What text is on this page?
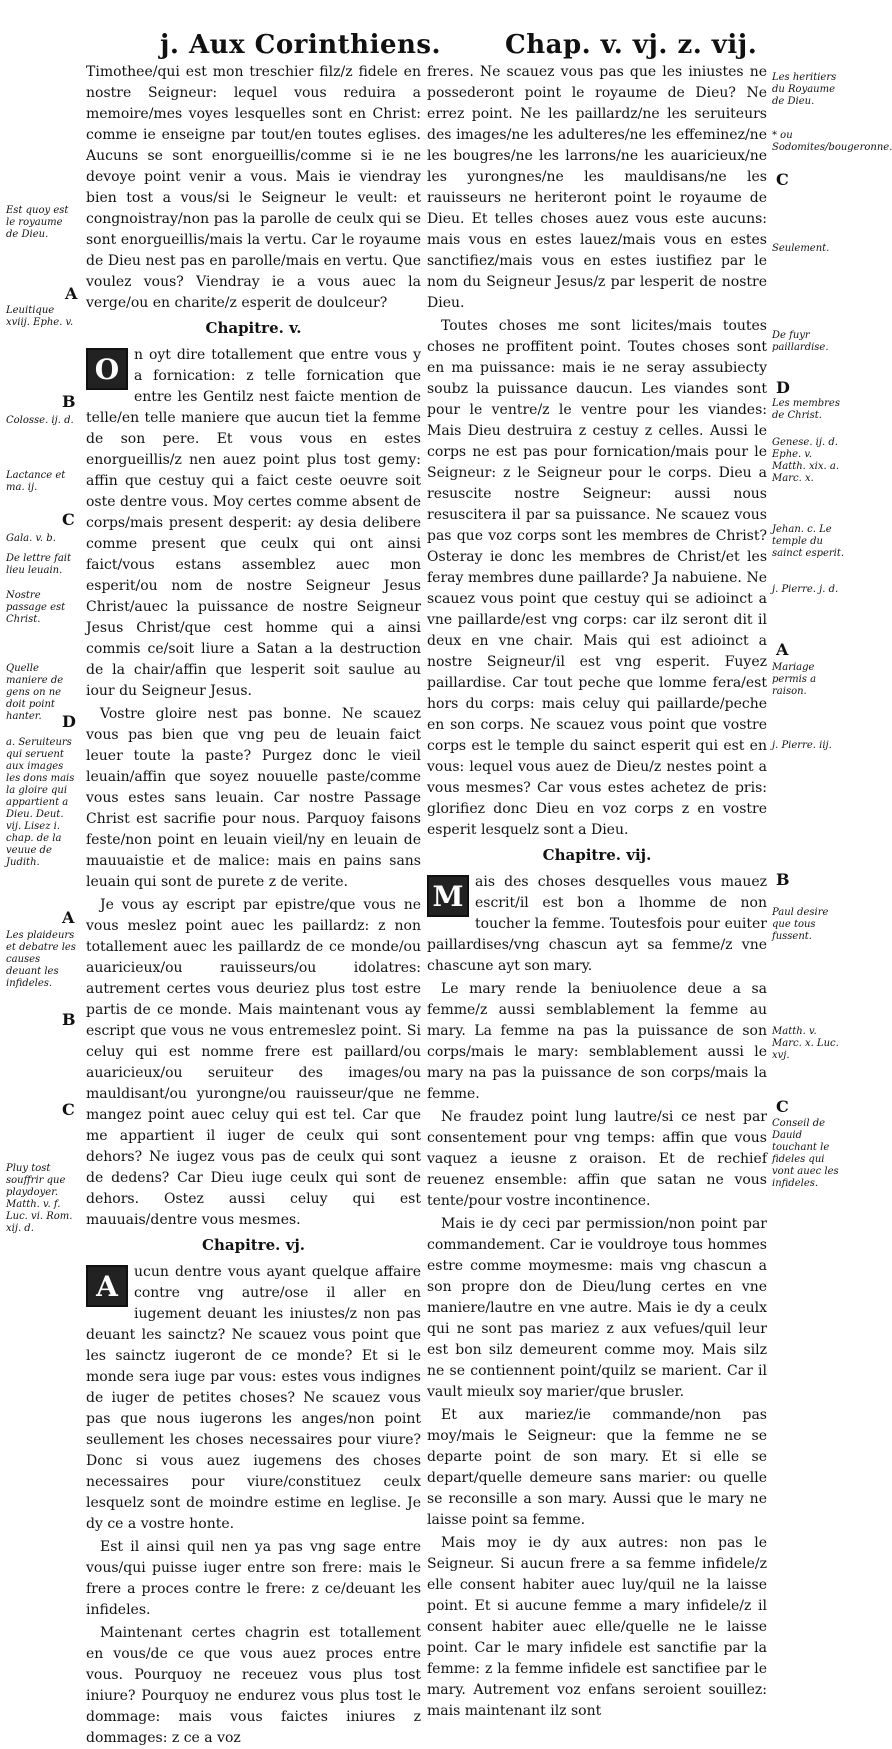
j. Aux Corinthiens. Chap. v. vj. z. vij.

Timothee/qui est mon treschier filz/z fidele en nostre Seigneur: lequel vous reduira a memoire/mes voyes lesquelles sont en Christ: comme ie enseigne par tout/en toutes eglises. Aucuns se sont enorgueillis/comme si ie ne devoye point venir a vous. Mais ie viendray bien tost a vous/si le Seigneur le veult: et congnoistray/non pas la parolle de ceulx qui se sont enorgueillis/mais la vertu. Car le royaume de Dieu nest pas en parolle/mais en vertu. Que voulez vous? Viendray ie a vous auec la verge/ou en charite/z esperit de doulceur?

Chapitre. v.

O	n oyt dire totallement que entre vous y a fornication: z telle fornication que entre les Gentilz nest faicte mention de telle/en telle maniere que aucun tiet la femme de son pere. Et vous vous en estes enorgueillis/z nen auez point plus tost gemy: affin que cestuy qui a faict ceste oeuvre soit oste dentre vous. Moy certes comme absent de corps/mais present desperit: ay desia delibere comme present que ceulx qui ont ainsi faict/vous estans assemblez auec mon esperit/ou nom de nostre Seigneur Jesus Christ/auec la puissance de nostre Seigneur Jesus Christ/que cest homme qui a ainsi commis ce/soit liure a Satan a la destruction de la chair/affin que lesperit soit saulue au iour du Seigneur Jesus.

Vostre gloire nest pas bonne. Ne scauez vous pas bien que vng peu de leuain faict leuer toute la paste? Purgez donc le vieil leuain/affin que soyez nouuelle paste/comme vous estes sans leuain. Car nostre Passage Christ est sacrifie pour nous. Parquoy faisons feste/non point en leuain vieil/ny en leuain de mauuaistie et de malice: mais en pains sans leuain qui sont de purete z de verite.

Je vous ay escript par epistre/que vous ne vous meslez point auec les paillardz: z non totallement auec les paillardz de ce monde/ou auaricieux/ou rauisseurs/ou idolatres: autrement certes vous deuriez plus tost estre partis de ce monde. Mais maintenant vous ay escript que vous ne vous entremeslez point. Si celuy qui est nomme frere est paillard/ou auaricieux/ou seruiteur des images/ou mauldisant/ou yurongne/ou rauisseur/que ne mangez point auec celuy qui est tel. Car que me appartient il iuger de ceulx qui sont dehors? Ne iugez vous pas de ceulx qui sont de dedens? Car Dieu iuge ceulx qui sont de dehors. Ostez aussi celuy qui est mauuais/dentre vous mesmes.

Chapitre. vj.

A	ucun dentre vous ayant quelque affaire contre vng autre/ose il aller en iugement deuant les iniustes/z non pas deuant les sainctz? Ne scauez vous point que les sainctz iugeront de ce monde? Et si le monde sera iuge par vous: estes vous indignes de iuger de petites choses? Ne scauez vous pas que nous iugerons les anges/non point seullement les choses necessaires pour viure? Donc si vous auez iugemens des choses necessaires pour viure/constituez ceulx lesquelz sont de moindre estime en leglise. Je dy ce a vostre honte.

Est il ainsi quil nen ya pas vng sage entre vous/qui puisse iuger entre son frere: mais le frere a proces contre le frere: z ce/deuant les infideles.

Maintenant certes chagrin est totallement en vous/de ce que vous auez proces entre vous. Pourquoy ne receuez vous plus tost iniure? Pourquoy ne endurez vous plus tost le dommage: mais vous faictes iniures z dommages: z ce a voz

freres. Ne scauez vous pas que les iniustes ne possederont point le royaume de Dieu? Ne errez point. Ne les paillardz/ne les seruiteurs des images/ne les adulteres/ne les effeminez/ne les bougres/ne les larrons/ne les auaricieux/ne les yurongnes/ne les mauldisans/ne les rauisseurs ne heriteront point le royaume de Dieu. Et telles choses auez vous este aucuns: mais vous en estes lauez/mais vous en estes sanctifiez/mais vous en estes iustifiez par le nom du Seigneur Jesus/z par lesperit de nostre Dieu.

Toutes choses me sont licites/mais toutes choses ne proffitent point. Toutes choses sont en ma puissance: mais ie ne seray assubiecty soubz la puissance daucun. Les viandes sont pour le ventre/z le ventre pour les viandes: Mais Dieu destruira z cestuy z celles. Aussi le corps ne est pas pour fornication/mais pour le Seigneur: z le Seigneur pour le corps. Dieu a resuscite nostre Seigneur: aussi nous resuscitera il par sa puissance. Ne scauez vous pas que voz corps sont les membres de Christ? Osteray ie donc les membres de Christ/et les feray membres dune paillarde? Ja nabuiene. Ne scauez vous point que cestuy qui se adioinct a vne paillarde/est vng corps: car ilz seront dit il deux en vne chair. Mais qui est adioinct a nostre Seigneur/il est vng esperit. Fuyez paillardise. Car tout peche que lomme fera/est hors du corps: mais celuy qui paillarde/peche en son corps. Ne scauez vous point que vostre corps est le temple du sainct esperit qui est en vous: lequel vous auez de Dieu/z nestes point a vous mesmes? Car vous estes achetez de pris: glorifiez donc Dieu en voz corps z en vostre esperit lesquelz sont a Dieu.

Chapitre. vij.

M ais des choses desquelles vous mauez escrit/il est bon a lhomme de non toucher la femme. Toutesfois pour euiter paillardises/vng chascun ayt sa femme/z vne chascune ayt son mary.

Le mary rende la beniuolence deue a sa femme/z aussi semblablement la femme au mary. La femme na pas la puissance de son corps/mais le mary: semblablement aussi le mary na pas la puissance de son corps/mais la femme.

Ne fraudez point lung lautre/si ce nest par consentement pour vng temps: affin que vous vaquez a ieusne z oraison. Et de rechief reuenez ensemble: affin que satan ne vous tente/pour vostre incontinence.

Mais ie dy ceci par permission/non point par commandement. Car ie vouldroye tous hommes estre comme moymesme: mais vng chascun a son propre don de Dieu/lung certes en vne maniere/lautre en vne autre. Mais ie dy a ceulx qui ne sont pas mariez z aux vefues/quil leur est bon silz demeurent comme moy. Mais silz ne se contiennent point/quilz se marient. Car il vault mieulx soy marier/que brusler.

Et aux mariez/ie commande/non pas moy/mais le Seigneur: que la femme ne se departe point de son mary. Et si elle se depart/quelle demeure sans marier: ou quelle se reconsille a son mary. Aussi que le mary ne laisse point sa femme.

Mais moy ie dy aux autres: non pas le Seigneur. Si aucun frere a sa femme infidele/z elle consent habiter auec luy/quil ne la laisse point. Et si aucune femme a mary infidele/z il consent habiter auec elle/quelle ne le laisse point. Car le mary infidele est sanctifie par la femme: z la femme infidele est sanctifiee par le mary. Autrement voz enfans seroient souillez: mais maintenant ilz sont

Est quoy est le royaume de Dieu.
A
Leuitique xviij. Ephe. v.
B
Colosse. ij. d.
Lactance et ma. ij.
C
Gala. v. b.
De lettre fait lieu leuain.
Nostre passage est Christ.
Quelle maniere de gens on ne doit point hanter.	D
a. Seruiteurs qui seruent aux images les dons mais la gloire qui appartient a Dieu. Deut. vij. Lisez i. chap. de la veuue de Judith.
A
Les plaideurs et debatre les causes deuant les infideles.
B
C
Pluy tost souffrir que playdoyer. Matth. v. f. Luc. vi. Rom. xij. d.
Les heritiers du Royaume de Dieu.
* ou Sodomites/bougeronne.
C
Seulement.
De fuyr paillardise.
D
Les membres de Christ.
Genese. ij. d. Ephe. v. Matth. xix. a. Marc. x.
Jehan. c. Le temple du sainct esperit.
j. Pierre. j. d.
A
Mariage permis a raison.
j. Pierre. iij.
B
Paul desire que tous fussent.
Matth. v. Marc. x. Luc. xvj.
C
Conseil de Dauid touchant le fideles qui vont auec les infideles.
